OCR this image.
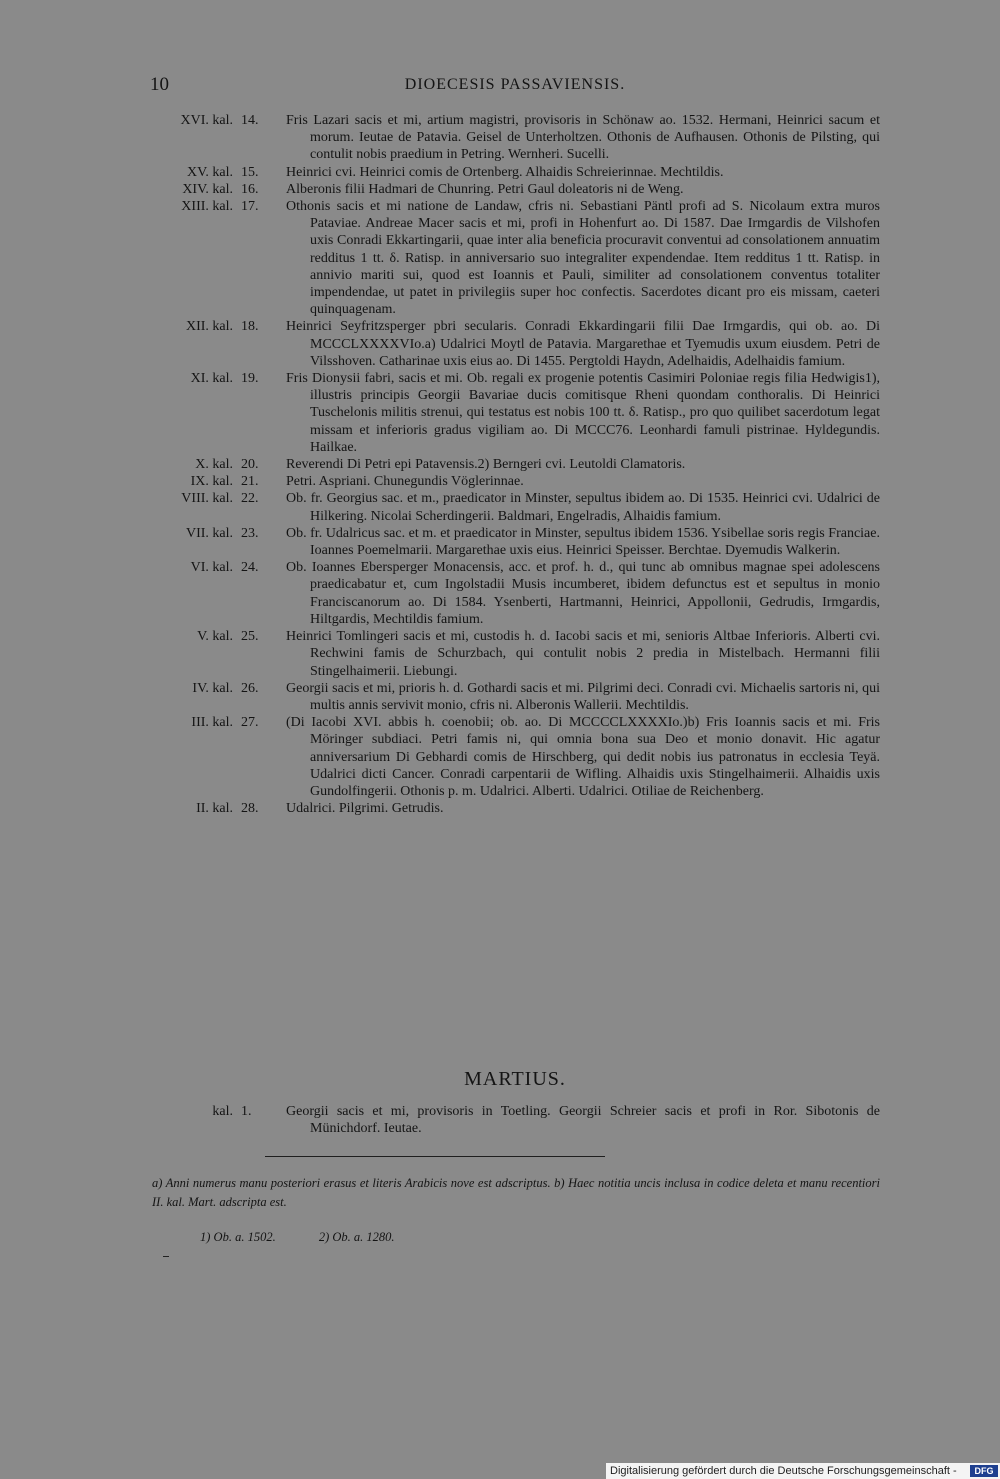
10	DIOECESIS PASSAVIENSIS.
XVI. kal. 14.	Fris Lazari sacis et mi, artium magistri, provisoris in Schönaw ao. 1532. Hermani, Heinrici sacum et morum. Ieutae de Patavia. Geisel de Unterholtzen. Othonis de Aufhausen. Othonis de Pilsting, qui contulit nobis praedium in Petring. Wernheri. Sucelli.
XV. kal. 15.	Heinrici cvi. Heinrici comis de Ortenberg. Alhaidis Schreierinnae. Mechtildis.
XIV. kal. 16.	Alberonis filii Hadmari de Chunring. Petri Gaul doleatoris ni de Weng.
XIII. kal. 17.	Othonis sacis et mi natione de Landaw, cfris ni. Sebastiani Päntl profi ad S. Nicolaum extra muros Pataviae. Andreae Macer sacis et mi, profi in Hohenfurt ao. Di 1587. Dae Irmgardis de Vilshofen uxis Conradi Ekkartingarii, quae inter alia beneficia procuravit conventui ad consolationem annuatim redditus 1 tt. δ. Ratisp. in anniversario suo integraliter expendendae. Item redditus 1 tt. Ratisp. in annivio mariti sui, quod est Ioannis et Pauli, similiter ad consolationem conventus totaliter impendendae, ut patet in privilegiis super hoc confectis. Sacerdotes dicant pro eis missam, caeteri quinquagenam.
XII. kal. 18.	Heinrici Seyfritzsperger pbri secularis. Conradi Ekkardingarii filii Dae Irmgardis, qui ob. ao. Di MCCCLXXXXVIo.a) Udalrici Moytl de Patavia. Margarethae et Tyemudis uxum eiusdem. Petri de Vilsshoven. Catharinae uxis eius ao. Di 1455. Pergtoldi Haydn, Adelhaidis, Adelhaidis famium.
XI. kal. 19.	Fris Dionysii fabri, sacis et mi. Ob. regali ex progenie potentis Casimiri Poloniae regis filia Hedwigis1), illustris principis Georgii Bavariae ducis comitisque Rheni quondam conthoralis. Di Heinrici Tuschelonis militis strenui, qui testatus est nobis 100 tt. δ. Ratisp., pro quo quilibet sacerdotum legat missam et inferioris gradus vigiliam ao. Di MCCC76. Leonhardi famuli pistrinae. Hyldegundis. Hailkae.
X. kal. 20.	Reverendi Di Petri epi Patavensis.2) Berngeri cvi. Leutoldi Clamatoris.
IX. kal. 21.	Petri. Aspriani. Chunegundis Vöglerinnae.
VIII. kal. 22.	Ob. fr. Georgius sac. et m., praedicator in Minster, sepultus ibidem ao. Di 1535. Heinrici cvi. Udalrici de Hilkering. Nicolai Scherdingerii. Baldmari, Engelradis, Alhaidis famium.
VII. kal. 23.	Ob. fr. Udalricus sac. et m. et praedicator in Minster, sepultus ibidem 1536. Ysibellae soris regis Franciae. Ioannes Poemelmarii. Margarethae uxis eius. Heinrici Speisser. Berchtae. Dyemudis Walkerin.
VI. kal. 24.	Ob. Ioannes Ebersperger Monacensis, acc. et prof. h. d., qui tunc ab omnibus magnae spei adolescens praedicabatur et, cum Ingolstadii Musis incumberet, ibidem defunctus est et sepultus in monio Franciscanorum ao. Di 1584. Ysenberti, Hartmanni, Heinrici, Appollonii, Gedrudis, Irmgardis, Hiltgardis, Mechtildis famium.
V. kal. 25.	Heinrici Tomlingeri sacis et mi, custodis h. d. Iacobi sacis et mi, senioris Altbae Inferioris. Alberti cvi. Rechwini famis de Schurzbach, qui contulit nobis 2 predia in Mistelbach. Hermanni filii Stingelhaimerii. Liebungi.
IV. kal. 26.	Georgii sacis et mi, prioris h. d. Gothardi sacis et mi. Pilgrimi deci. Conradi cvi. Michaelis sartoris ni, qui multis annis servivit monio, cfris ni. Alberonis Wallerii. Mechtildis.
III. kal. 27.	(Di Iacobi XVI. abbis h. coenobii; ob. ao. Di MCCCCLXXXXIo.)b) Fris Ioannis sacis et mi. Fris Möringer subdiaci. Petri famis ni, qui omnia bona sua Deo et monio donavit. Hic agatur anniversarium Di Gebhardi comis de Hirschberg, qui dedit nobis ius patronatus in ecclesia Teyä. Udalrici dicti Cancer. Conradi carpentarii de Wifling. Alhaidis uxis Stingelhaimerii. Alhaidis uxis Gundolfingerii. Othonis p. m. Udalrici. Alberti. Udalrici. Otiliae de Reichenberg.
II. kal. 28.	Udalrici. Pilgrimi. Getrudis.
MARTIUS.
kal. 1.	Georgii sacis et mi, provisoris in Toetling. Georgii Schreier sacis et profi in Ror. Sibotonis de Münichdorf. Ieutae.
a) Anni numerus manu posteriori erasus et literis Arabicis nove est adscriptus. b) Haec notitia uncis inclusa in codice deleta et manu recentiori II. kal. Mart. adscripta est.
1) Ob. a. 1502.	2) Ob. a. 1280.
Digitalisierung gefördert durch die Deutsche Forschungsgemeinschaft -	DFG
